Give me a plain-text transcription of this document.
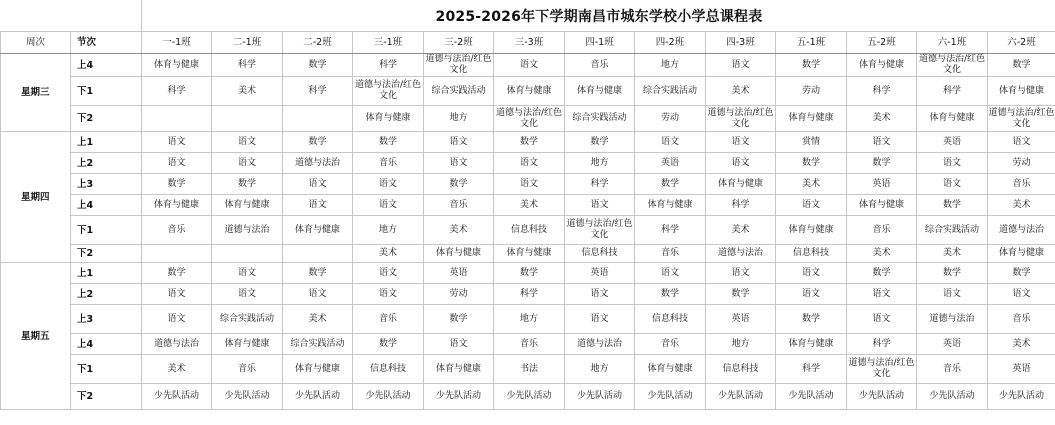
2025-2026年下学期南昌市城东学校小学总课程表
周次	节次	一-1班	二-1班	二-2班	三-1班	三-2班	三-3班	四-1班	四-2班	四-3班	五-1班	五-2班	六-1班	六-2班
星期三	上4	体育与健康	科学	数学	科学	道德与法治/红色文化	语文	音乐	地方	语文	数学	体育与健康	道德与法治/红色文化	数学
	下1	科学	美术	科学	道德与法治/红色文化	综合实践活动	体育与健康	体育与健康	综合实践活动	美术	劳动	科学	科学	体育与健康
	下2				体育与健康	地方	道德与法治/红色文化	综合实践活动	劳动	道德与法治/红色文化	体育与健康	美术	体育与健康	道德与法治/红色文化
星期四	上1	语文	语文	数学	数学	语文	数学	数学	语文	语文	赏情	语文	英语	语文
	上2	语文	语文	道德与法治	音乐	语文	语文	地方	英语	语文	数学	数学	语文	劳动
	上3	数学	数学	语文	语文	数学	语文	科学	数学	体育与健康	美术	英语	语文	音乐
	上4	体育与健康	体育与健康	语文	语文	音乐	美术	语文	体育与健康	科学	语文	体育与健康	数学	美术
	下1	音乐	道德与法治	体育与健康	地方	美术	信息科技	道德与法治/红色文化	科学	美术	体育与健康	音乐	综合实践活动	道德与法治
	下2				美术	体育与健康	体育与健康	信息科技	音乐	道德与法治	信息科技	美术	美术	体育与健康
星期五	上1	数学	语文	数学	语文	英语	数学	英语	语文	语文	语文	数学	数学	数学
	上2	语文	语文	语文	语文	劳动	科学	语文	数学	数学	语文	语文	语文	语文
	上3	语文	综合实践活动	美术	音乐	数学	地方	语文	信息科技	英语	数学	语文	道德与法治	音乐
	上4	道德与法治	体育与健康	综合实践活动	数学	语文	音乐	道德与法治	音乐	地方	体育与健康	科学	英语	美术
	下1	美术	音乐	体育与健康	信息科技	体育与健康	书法	地方	体育与健康	信息科技	科学	道德与法治/红色文化	音乐	英语
	下2	少先队活动	少先队活动	少先队活动	少先队活动	少先队活动	少先队活动	少先队活动	少先队活动	少先队活动	少先队活动	少先队活动	少先队活动	少先队活动
